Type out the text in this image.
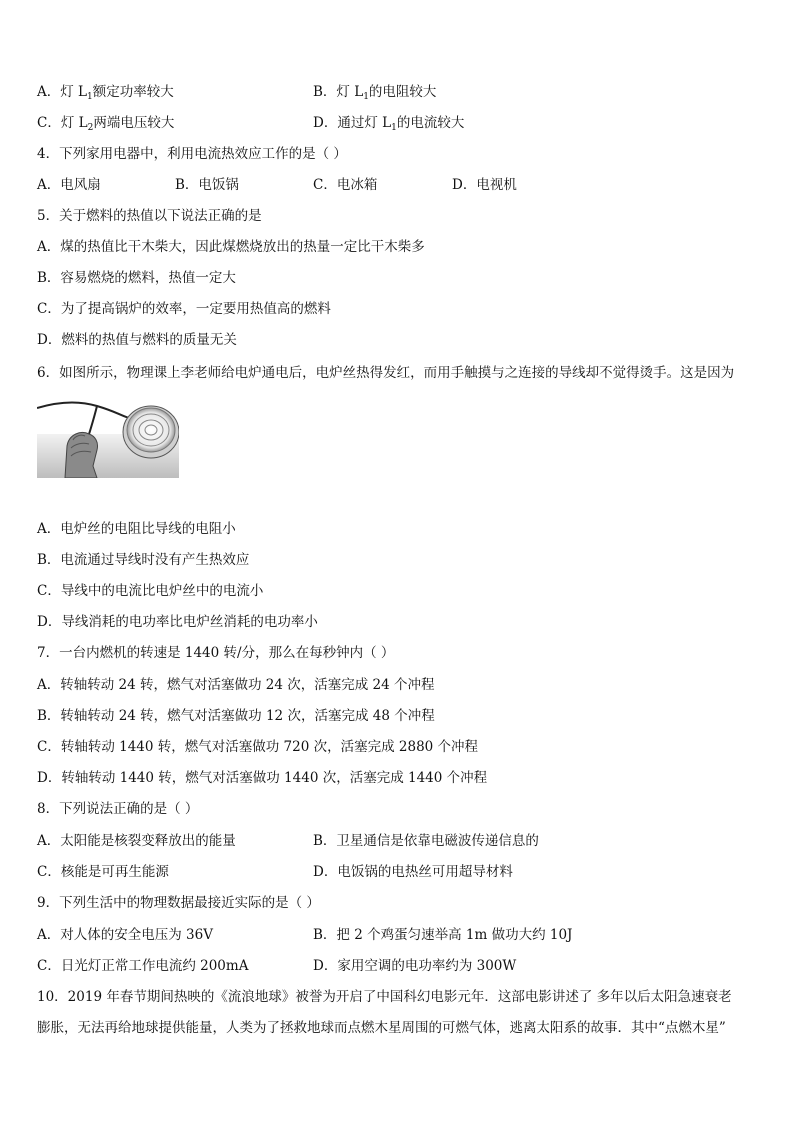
A．灯 $L_1$额定功率较大	B．灯 $L_1$的电阻较大
C．灯 $L_2$两端电压较大	D．通过灯 $L_1$的电流较大
4．下列家用电器中，利用电流热效应工作的是（ ）
A．电风扇	B．电饭锅	C．电冰箱	D．电视机
5．关于燃料的热值以下说法正确的是
A．煤的热值比干木柴大，因此煤燃烧放出的热量一定比干木柴多
B．容易燃烧的燃料，热值一定大
C．为了提高锅炉的效率，一定要用热值高的燃料
D．燃料的热值与燃料的质量无关
6．如图所示，物理课上李老师给电炉通电后，电炉丝热得发红，而用手触摸与之连接的导线却不觉得烫手。这是因为
A．电炉丝的电阻比导线的电阻小
B．电流通过导线时没有产生热效应
C．导线中的电流比电炉丝中的电流小
D．导线消耗的电功率比电炉丝消耗的电功率小
7．一台内燃机的转速是 1440 转/分，那么在每秒钟内（ ）
A．转轴转动 24 转，燃气对活塞做功 24 次，活塞完成 24 个冲程
B．转轴转动 24 转，燃气对活塞做功 12 次，活塞完成 48 个冲程
C．转轴转动 1440 转，燃气对活塞做功 720 次，活塞完成 2880 个冲程
D．转轴转动 1440 转，燃气对活塞做功 1440 次，活塞完成 1440 个冲程
8．下列说法正确的是（ ）
A．太阳能是核裂变释放出的能量	B．卫星通信是依靠电磁波传递信息的
C．核能是可再生能源	D．电饭锅的电热丝可用超导材料
9．下列生活中的物理数据最接近实际的是（ ）
A．对人体的安全电压为 36V	B．把 2 个鸡蛋匀速举高 1m 做功大约 10J
C．日光灯正常工作电流约 200mA	D．家用空调的电功率约为 300W
10．2019 年春节期间热映的《流浪地球》被誉为开启了中国科幻电影元年．这部电影讲述了 多年以后太阳急速衰老
膨胀，无法再给地球提供能量，人类为了拯救地球而点燃木星周围的可燃气体，逃离太阳系的故事．其中“点燃木星”
